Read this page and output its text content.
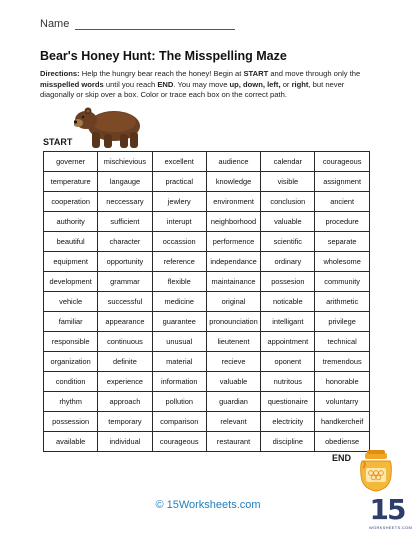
Name
Bear's Honey Hunt: The Misspelling Maze
Directions: Help the hungry bear reach the honey! Begin at START and move through only the misspelled words until you reach END. You may move up, down, left, or right, but never diagonally or skip over a box. Color or trace each box on the correct path.
START
governer	mischievious	excellent	audience	calendar	courageous
temperature	langauge	practical	knowledge	visible	assignment
cooperation	neccessary	jewlery	environment	conclusion	ancient
authority	sufficient	interupt	neighborhood	valuable	procedure
beautiful	character	occassion	performence	scientific	separate
equipment	opportunity	reference	independance	ordinary	wholesome
development	grammar	flexible	maintainance	possesion	community
vehicle	successful	medicine	original	noticable	arithmetic
familiar	appearance	guarantee	pronounciation	intelligant	privilege
responsible	continuous	unusual	lieutenent	appointment	technical
organization	definite	material	recieve	oponent	tremendous
condition	experience	information	valuable	nutritous	honorable
rhythm	approach	pollution	guardian	questionaire	voluntarry
possession	temporary	comparison	relevant	electricity	handkercheif
available	individual	courageous	restaurant	discipline	obediense
END
© 15Worksheets.com	15
WORKSHEETS.COM
